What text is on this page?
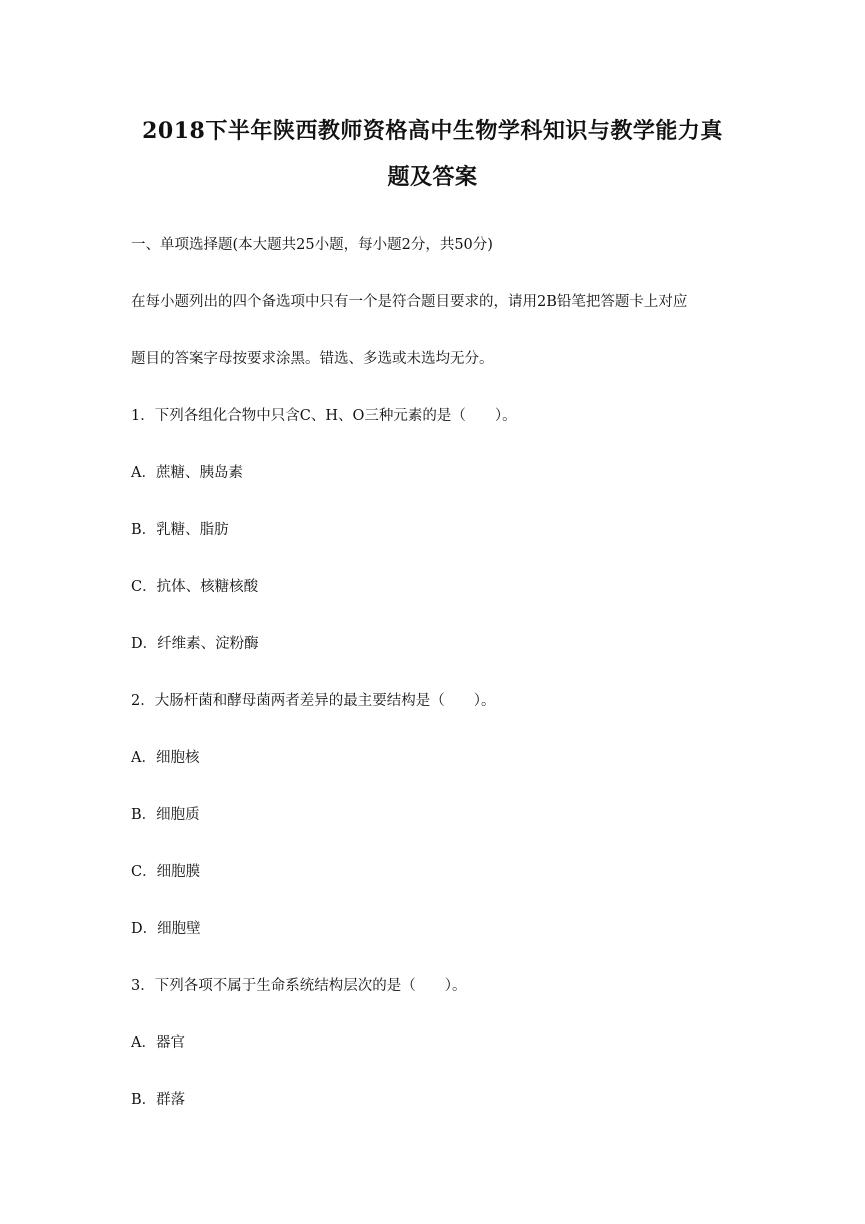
2018下半年陕西教师资格高中生物学科知识与教学能力真
题及答案
一、单项选择题(本大题共25小题，每小题2分，共50分)
在每小题列出的四个备选项中只有一个是符合题目要求的，请用2B铅笔把答题卡上对应
题目的答案字母按要求涂黑。错选、多选或未选均无分。
1．下列各组化合物中只含C、H、O三种元素的是（　　）。
A．蔗糖、胰岛素
B．乳糖、脂肪
C．抗体、核糖核酸
D．纤维素、淀粉酶
2．大肠杆菌和酵母菌两者差异的最主要结构是（　　）。
A．细胞核
B．细胞质
C．细胞膜
D．细胞壁
3．下列各项不属于生命系统结构层次的是（　　）。
A．器官
B．群落
